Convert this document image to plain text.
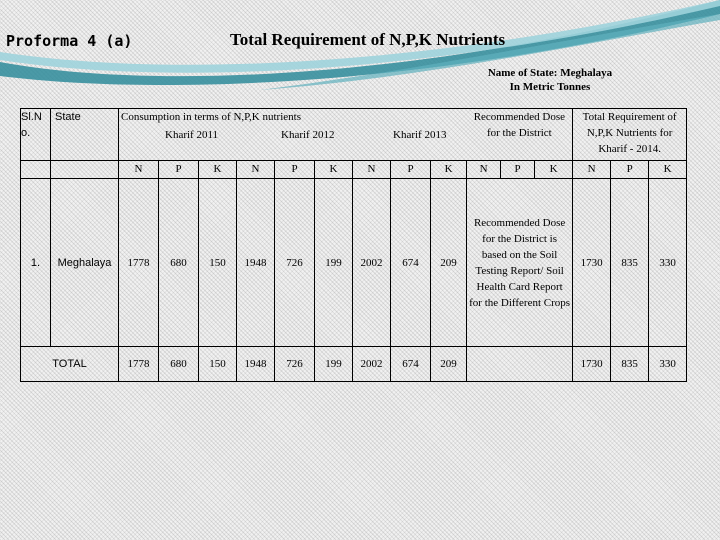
Proforma 4 (a)	Total Requirement of N,P,K Nutrients
Name of State: Meghalaya
In Metric Tonnes
Sl.N o.	State	Consumption in terms of N,P,K nutrients
Kharif 2011 Kharif 2012 Kharif 2013									Recommended Dose for the District			Total Requirement of N,P,K Nutrients for Kharif - 2014.		
		N	P	K	N	P	K	N	P	K	N	P	K	N	P	K
1.	Meghalaya	1778	680	150	1948	726	199	2002	674	209	Recommended Dose for the District is based on the Soil Testing Report/ Soil Health Card Report for the Different Crops			1730	835	330
TOTAL		1778	680	150	1948	726	199	2002	674	209				1730	835	330
